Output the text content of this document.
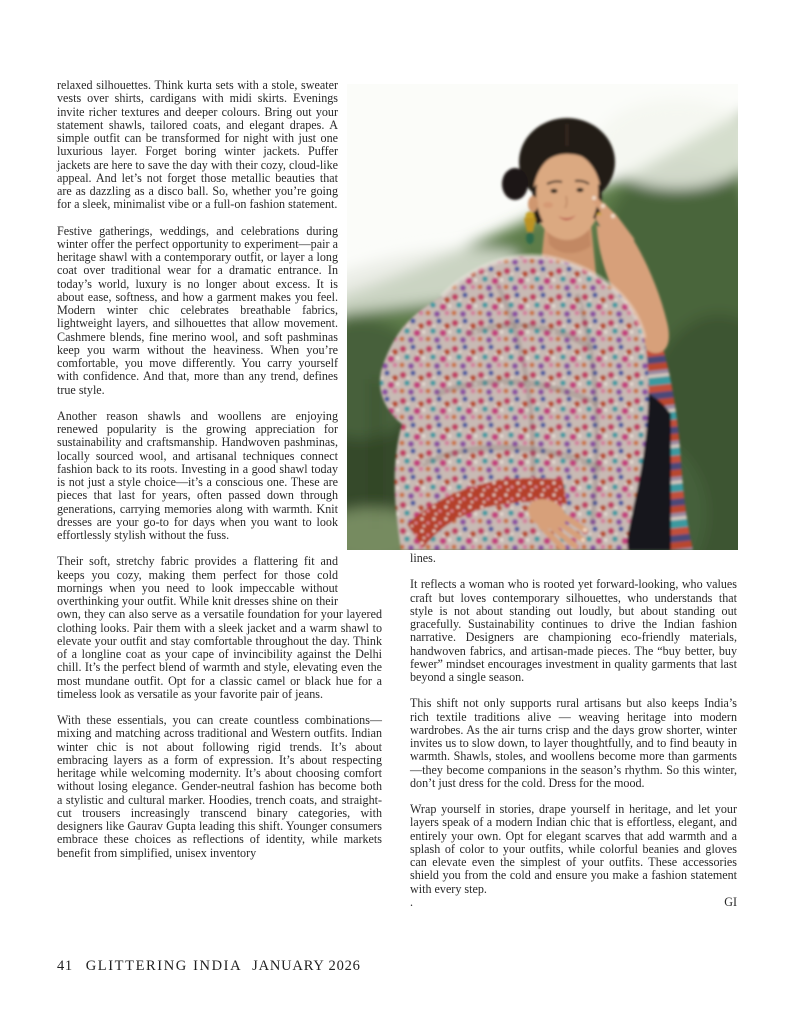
relaxed silhouettes. Think kurta sets with a stole, sweater vests over shirts, cardigans with midi skirts. Evenings invite richer textures and deeper colours. Bring out your statement shawls, tailored coats, and elegant drapes. A simple outfit can be transformed for night with just one luxurious layer. Forget boring winter jackets. Puffer jackets are here to save the day with their cozy, cloud-like appeal. And let’s not forget those metallic beauties that are as dazzling as a disco ball. So, whether you’re going for a sleek, minimalist vibe or a full-on fashion statement.

Festive gatherings, weddings, and celebrations during winter offer the perfect opportunity to experiment—pair a heritage shawl with a contemporary outfit, or layer a long coat over traditional wear for a dramatic entrance. In today’s world, luxury is no longer about excess. It is about ease, softness, and how a garment makes you feel. Modern winter chic celebrates breathable fabrics, lightweight layers, and silhouettes that allow movement. Cashmere blends, fine merino wool, and soft pashminas keep you warm without the heaviness. When you’re comfortable, you move differently. You carry yourself with confidence. And that, more than any trend, defines true style.

Another reason shawls and woollens are enjoying renewed popularity is the growing appreciation for sustainability and craftsmanship. Handwoven pashminas, locally sourced wool, and artisanal techniques connect fashion back to its roots. Investing in a good shawl today is not just a style choice—it’s a conscious one. These are pieces that last for years, often passed down through generations, carrying memories along with warmth. Knit dresses are your go-to for days when you want to look effortlessly stylish without the fuss.

Their soft, stretchy fabric provides a flattering fit and keeps you cozy, making them perfect for those cold mornings when you need to look impeccable without overthinking your outfit. While knit dresses shine on their own, they can also serve as a versatile foundation for your layered clothing looks. Pair them with a sleek jacket and a warm shawl to elevate your outfit and stay comfortable throughout the day. Think of a longline coat as your cape of invincibility against the Delhi chill. It’s the perfect blend of warmth and style, elevating even the most mundane outfit. Opt for a classic camel or black hue for a timeless look as versatile as your favorite pair of jeans.

With these essentials, you can create countless combinations—mixing and matching across traditional and Western outfits. Indian winter chic is not about following rigid trends. It’s about embracing layers as a form of expression. It’s about respecting heritage while welcoming modernity. It’s about choosing comfort without losing elegance. Gender-neutral fashion has become both a stylistic and cultural marker. Hoodies, trench coats, and straight-cut trousers increasingly transcend binary categories, with designers like Gaurav Gupta leading this shift. Younger consumers embrace these choices as reflections of identity, while markets benefit from simplified, unisex inventory

lines.

It reflects a woman who is rooted yet forward-looking, who values craft but loves contemporary silhouettes, who understands that style is not about standing out loudly, but about standing out gracefully. Sustainability continues to drive the Indian fashion narrative. Designers are championing eco-friendly materials, handwoven fabrics, and artisan-made pieces. The “buy better, buy fewer” mindset encourages investment in quality garments that last beyond a single season.

This shift not only supports rural artisans but also keeps India’s rich textile traditions alive — weaving heritage into modern wardrobes. As the air turns crisp and the days grow shorter, winter invites us to slow down, to layer thoughtfully, and to find beauty in warmth. Shawls, stoles, and woollens become more than garments—they become companions in the season’s rhythm. So this winter, don’t just dress for the cold. Dress for the mood.

Wrap yourself in stories, drape yourself in heritage, and let your layers speak of a modern Indian chic that is effortless, elegant, and entirely your own. Opt for elegant scarves that add warmth and a splash of color to your outfits, while colorful beanies and gloves can elevate even the simplest of your outfits. These accessories shield you from the cold and ensure you make a fashion statement with every step.

.	GI
41 GLITTERING INDIA JANUARY 2026
